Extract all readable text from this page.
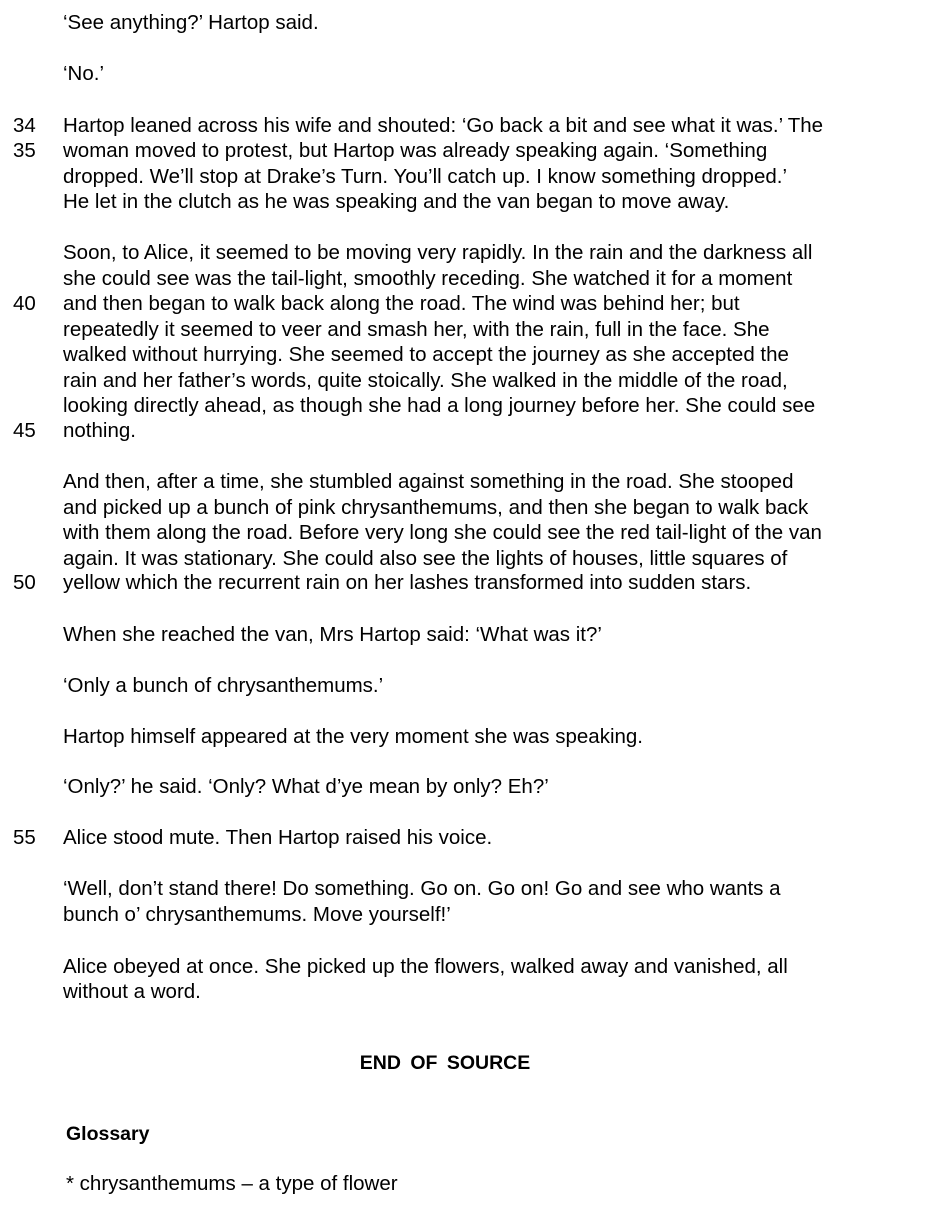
34
35
40
45
50
55
‘See anything?’ Hartop said.
‘No.’
Hartop leaned across his wife and shouted: ‘Go back a bit and see what it was.’ The
woman moved to protest, but Hartop was already speaking again. ‘Something
dropped. We’ll stop at Drake’s Turn. You’ll catch up. I know something dropped.’
He let in the clutch as he was speaking and the van began to move away.
Soon, to Alice, it seemed to be moving very rapidly. In the rain and the darkness all
she could see was the tail-light, smoothly receding. She watched it for a moment
and then began to walk back along the road. The wind was behind her; but
repeatedly it seemed to veer and smash her, with the rain, full in the face. She
walked without hurrying. She seemed to accept the journey as she accepted the
rain and her father’s words, quite stoically. She walked in the middle of the road,
looking directly ahead, as though she had a long journey before her. She could see
nothing.
And then, after a time, she stumbled against something in the road. She stooped
and picked up a bunch of pink chrysanthemums, and then she began to walk back
with them along the road. Before very long she could see the red tail-light of the van
again. It was stationary. She could also see the lights of houses, little squares of
yellow which the recurrent rain on her lashes transformed into sudden stars.
When she reached the van, Mrs Hartop said: ‘What was it?’
‘Only a bunch of chrysanthemums.’
Hartop himself appeared at the very moment she was speaking.
‘Only?’ he said. ‘Only? What d’ye mean by only? Eh?’
Alice stood mute. Then Hartop raised his voice.
‘Well, don’t stand there! Do something. Go on. Go on! Go and see who wants a
bunch o’ chrysanthemums. Move yourself!’
Alice obeyed at once. She picked up the flowers, walked away and vanished, all
without a word.
END OF SOURCE
Glossary
* chrysanthemums – a type of flower
